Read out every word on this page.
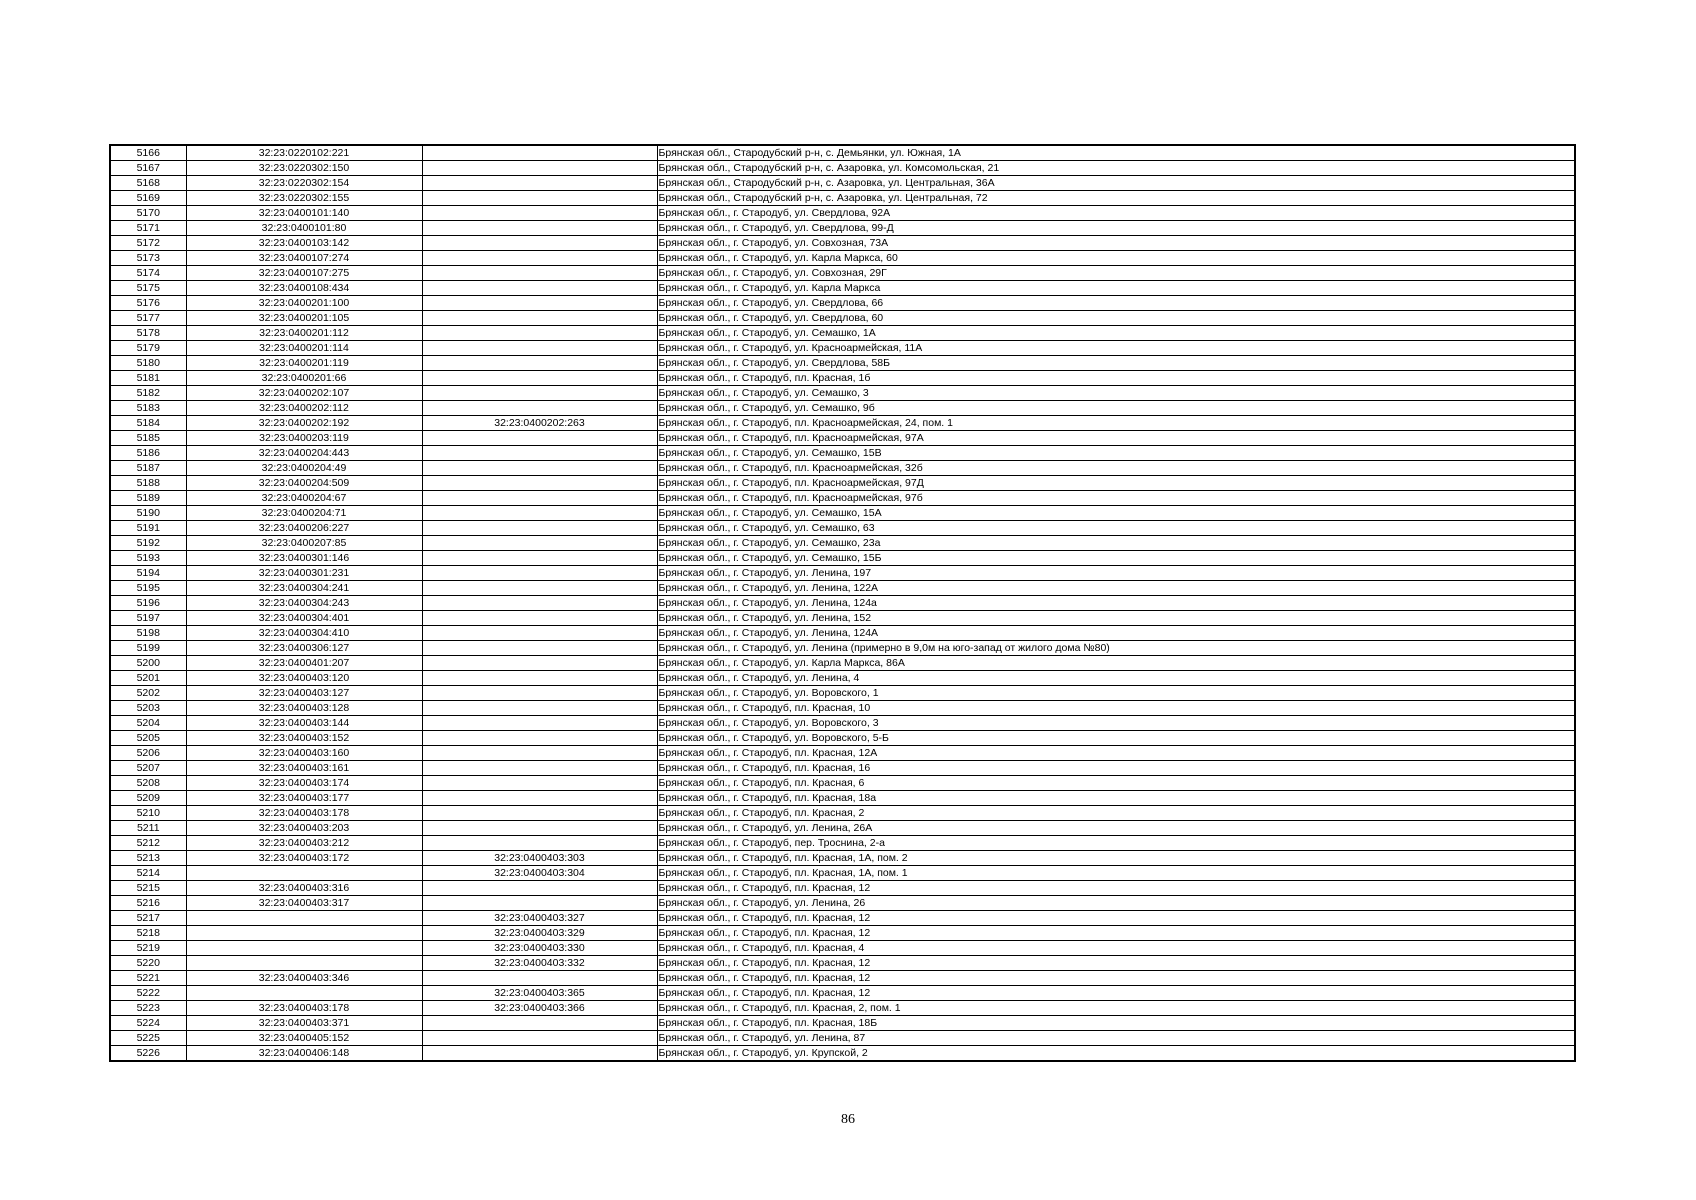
5166	32:23:0220102:221		Брянская обл., Стародубский р-н, с. Демьянки, ул. Южная, 1А
5167	32:23:0220302:150		Брянская обл., Стародубский р-н, с. Азаровка, ул. Комсомольская, 21
5168	32:23:0220302:154		Брянская обл., Стародубский р-н, с. Азаровка, ул. Центральная, 36А
5169	32:23:0220302:155		Брянская обл., Стародубский р-н, с. Азаровка, ул. Центральная, 72
5170	32:23:0400101:140		Брянская обл., г. Стародуб, ул. Свердлова, 92А
5171	32:23:0400101:80		Брянская обл., г. Стародуб, ул. Свердлова, 99-Д
5172	32:23:0400103:142		Брянская обл., г. Стародуб, ул. Совхозная, 73А
5173	32:23:0400107:274		Брянская обл., г. Стародуб, ул. Карла Маркса, 60
5174	32:23:0400107:275		Брянская обл., г. Стародуб, ул. Совхозная, 29Г
5175	32:23:0400108:434		Брянская обл., г. Стародуб, ул. Карла Маркса
5176	32:23:0400201:100		Брянская обл., г. Стародуб, ул. Свердлова, 66
5177	32:23:0400201:105		Брянская обл., г. Стародуб, ул. Свердлова, 60
5178	32:23:0400201:112		Брянская обл., г. Стародуб, ул. Семашко, 1А
5179	32:23:0400201:114		Брянская обл., г. Стародуб, ул. Красноармейская, 11А
5180	32:23:0400201:119		Брянская обл., г. Стародуб, ул. Свердлова, 58Б
5181	32:23:0400201:66		Брянская обл., г. Стародуб, пл. Красная, 1б
5182	32:23:0400202:107		Брянская обл., г. Стародуб, ул. Семашко, 3
5183	32:23:0400202:112		Брянская обл., г. Стародуб, ул. Семашко, 9б
5184	32:23:0400202:192	32:23:0400202:263	Брянская обл., г. Стародуб, пл. Красноармейская, 24, пом. 1
5185	32:23:0400203:119		Брянская обл., г. Стародуб, пл. Красноармейская, 97А
5186	32:23:0400204:443		Брянская обл., г. Стародуб, ул. Семашко, 15В
5187	32:23:0400204:49		Брянская обл., г. Стародуб, пл. Красноармейская, 32б
5188	32:23:0400204:509		Брянская обл., г. Стародуб, пл. Красноармейская, 97Д
5189	32:23:0400204:67		Брянская обл., г. Стародуб, пл. Красноармейская, 97б
5190	32:23:0400204:71		Брянская обл., г. Стародуб, ул. Семашко, 15А
5191	32:23:0400206:227		Брянская обл., г. Стародуб, ул. Семашко, 63
5192	32:23:0400207:85		Брянская обл., г. Стародуб, ул. Семашко, 23а
5193	32:23:0400301:146		Брянская обл., г. Стародуб, ул. Семашко, 15Б
5194	32:23:0400301:231		Брянская обл., г. Стародуб, ул. Ленина, 197
5195	32:23:0400304:241		Брянская обл., г. Стародуб, ул. Ленина, 122А
5196	32:23:0400304:243		Брянская обл., г. Стародуб, ул. Ленина, 124а
5197	32:23:0400304:401		Брянская обл., г. Стародуб, ул. Ленина, 152
5198	32:23:0400304:410		Брянская обл., г. Стародуб, ул. Ленина, 124А
5199	32:23:0400306:127		Брянская обл., г. Стародуб, ул. Ленина (примерно в 9,0м на юго-запад от жилого дома №80)
5200	32:23:0400401:207		Брянская обл., г. Стародуб, ул. Карла Маркса, 86А
5201	32:23:0400403:120		Брянская обл., г. Стародуб, ул. Ленина, 4
5202	32:23:0400403:127		Брянская обл., г. Стародуб, ул. Воровского, 1
5203	32:23:0400403:128		Брянская обл., г. Стародуб, пл. Красная, 10
5204	32:23:0400403:144		Брянская обл., г. Стародуб, ул. Воровского, 3
5205	32:23:0400403:152		Брянская обл., г. Стародуб, ул. Воровского, 5-Б
5206	32:23:0400403:160		Брянская обл., г. Стародуб, пл. Красная, 12А
5207	32:23:0400403:161		Брянская обл., г. Стародуб, пл. Красная, 16
5208	32:23:0400403:174		Брянская обл., г. Стародуб, пл. Красная, 6
5209	32:23:0400403:177		Брянская обл., г. Стародуб, пл. Красная, 18а
5210	32:23:0400403:178		Брянская обл., г. Стародуб, пл. Красная, 2
5211	32:23:0400403:203		Брянская обл., г. Стародуб, ул. Ленина, 26А
5212	32:23:0400403:212		Брянская обл., г. Стародуб, пер. Троснина, 2-а
5213	32:23:0400403:172	32:23:0400403:303	Брянская обл., г. Стародуб, пл. Красная, 1А, пом. 2
5214		32:23:0400403:304	Брянская обл., г. Стародуб, пл. Красная, 1А, пом. 1
5215	32:23:0400403:316		Брянская обл., г. Стародуб, пл. Красная, 12
5216	32:23:0400403:317		Брянская обл., г. Стародуб, ул. Ленина, 26
5217		32:23:0400403:327	Брянская обл., г. Стародуб, пл. Красная, 12
5218		32:23:0400403:329	Брянская обл., г. Стародуб, пл. Красная, 12
5219		32:23:0400403:330	Брянская обл., г. Стародуб, пл. Красная, 4
5220		32:23:0400403:332	Брянская обл., г. Стародуб, пл. Красная, 12
5221	32:23:0400403:346		Брянская обл., г. Стародуб, пл. Красная, 12
5222		32:23:0400403:365	Брянская обл., г. Стародуб, пл. Красная, 12
5223	32:23:0400403:178	32:23:0400403:366	Брянская обл., г. Стародуб, пл. Красная, 2, пом. 1
5224	32:23:0400403:371		Брянская обл., г. Стародуб, пл. Красная, 18Б
5225	32:23:0400405:152		Брянская обл., г. Стародуб, ул. Ленина, 87
5226	32:23:0400406:148		Брянская обл., г. Стародуб, ул. Крупской, 2
86
